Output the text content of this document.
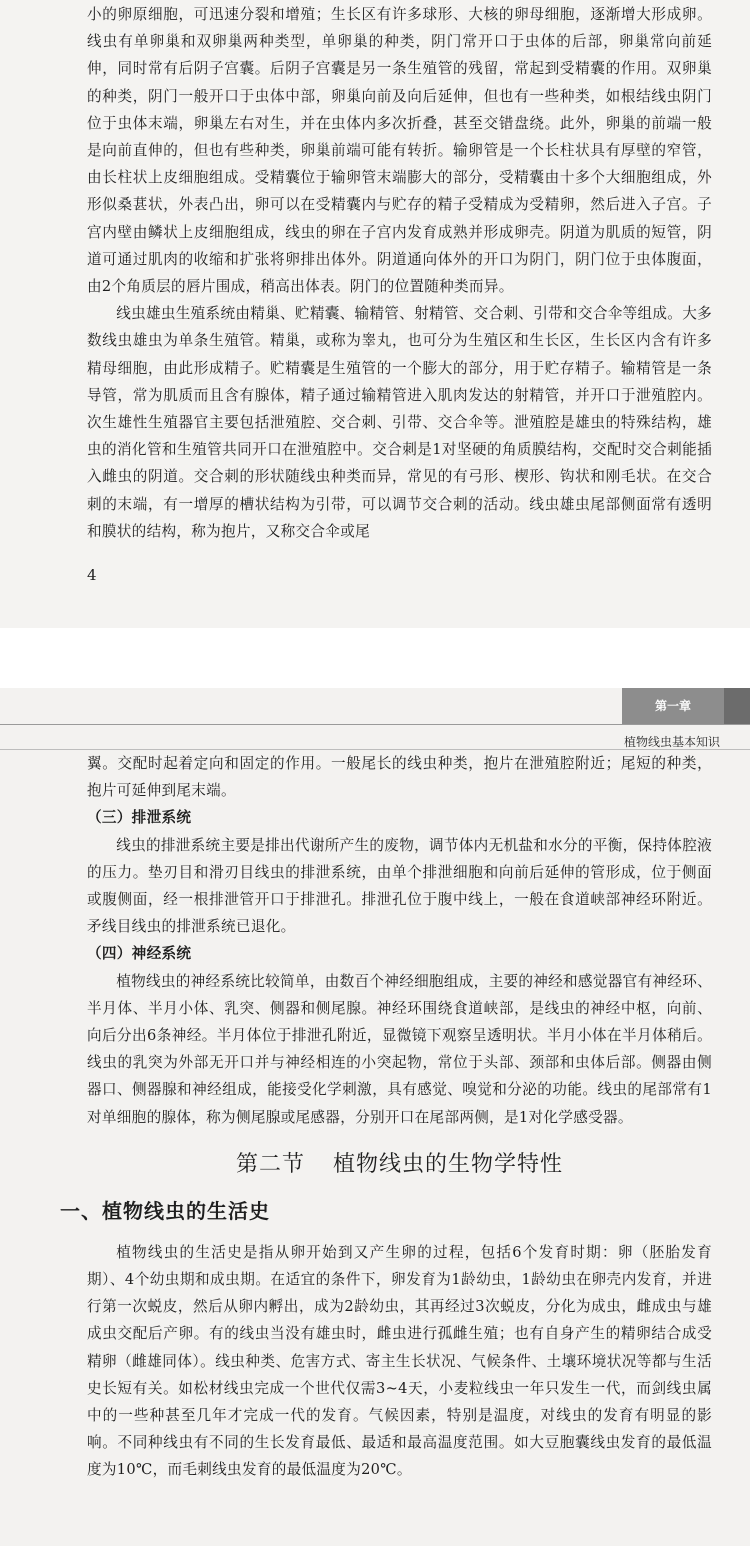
小的卵原细胞，可迅速分裂和增殖；生长区有许多球形、大核的卵母细胞，逐渐增大形成卵。线虫有单卵巢和双卵巢两种类型，单卵巢的种类，阴门常开口于虫体的后部，卵巢常向前延伸，同时常有后阴子宫囊。后阴子宫囊是另一条生殖管的残留，常起到受精囊的作用。双卵巢的种类，阴门一般开口于虫体中部，卵巢向前及向后延伸，但也有一些种类，如根结线虫阴门位于虫体末端，卵巢左右对生，并在虫体内多次折叠，甚至交错盘绕。此外，卵巢的前端一般是向前直伸的，但也有些种类，卵巢前端可能有转折。输卵管是一个长柱状具有厚壁的窄管，由长柱状上皮细胞组成。受精囊位于输卵管末端膨大的部分，受精囊由十多个大细胞组成，外形似桑葚状，外表凸出，卵可以在受精囊内与贮存的精子受精成为受精卵，然后进入子宫。子宫内壁由鳞状上皮细胞组成，线虫的卵在子宫内发育成熟并形成卵壳。阴道为肌质的短管，阴道可通过肌肉的收缩和扩张将卵排出体外。阴道通向体外的开口为阴门，阴门位于虫体腹面，由2个角质层的唇片围成，稍高出体表。阴门的位置随种类而异。

线虫雄虫生殖系统由精巢、贮精囊、输精管、射精管、交合刺、引带和交合伞等组成。大多数线虫雄虫为单条生殖管。精巢，或称为睾丸，也可分为生殖区和生长区，生长区内含有许多精母细胞，由此形成精子。贮精囊是生殖管的一个膨大的部分，用于贮存精子。输精管是一条导管，常为肌质而且含有腺体，精子通过输精管进入肌肉发达的射精管，并开口于泄殖腔内。次生雄性生殖器官主要包括泄殖腔、交合刺、引带、交合伞等。泄殖腔是雄虫的特殊结构，雄虫的消化管和生殖管共同开口在泄殖腔中。交合刺是1对坚硬的角质膜结构，交配时交合刺能插入雌虫的阴道。交合刺的形状随线虫种类而异，常见的有弓形、楔形、钩状和刚毛状。在交合刺的末端，有一增厚的槽状结构为引带，可以调节交合刺的活动。线虫雄虫尾部侧面常有透明和膜状的结构，称为抱片，又称交合伞或尾

4
第一章
植物线虫基本知识

翼。交配时起着定向和固定的作用。一般尾长的线虫种类，抱片在泄殖腔附近；尾短的种类，抱片可延伸到尾末端。

（三）排泄系统

线虫的排泄系统主要是排出代谢所产生的废物，调节体内无机盐和水分的平衡，保持体腔液的压力。垫刃目和滑刃目线虫的排泄系统，由单个排泄细胞和向前后延伸的管形成，位于侧面或腹侧面，经一根排泄管开口于排泄孔。排泄孔位于腹中线上，一般在食道峡部神经环附近。矛线目线虫的排泄系统已退化。

（四）神经系统

植物线虫的神经系统比较简单，由数百个神经细胞组成，主要的神经和感觉器官有神经环、半月体、半月小体、乳突、侧器和侧尾腺。神经环围绕食道峡部，是线虫的神经中枢，向前、向后分出6条神经。半月体位于排泄孔附近，显微镜下观察呈透明状。半月小体在半月体稍后。线虫的乳突为外部无开口并与神经相连的小突起物，常位于头部、颈部和虫体后部。侧器由侧器口、侧器腺和神经组成，能接受化学刺激，具有感觉、嗅觉和分泌的功能。线虫的尾部常有1对单细胞的腺体，称为侧尾腺或尾感器，分别开口在尾部两侧，是1对化学感受器。

第二节 植物线虫的生物学特性

一、植物线虫的生活史

植物线虫的生活史是指从卵开始到又产生卵的过程，包括6个发育时期：卵（胚胎发育期）、4个幼虫期和成虫期。在适宜的条件下，卵发育为1龄幼虫，1龄幼虫在卵壳内发育，并进行第一次蜕皮，然后从卵内孵出，成为2龄幼虫，其再经过3次蜕皮，分化为成虫，雌成虫与雄成虫交配后产卵。有的线虫当没有雄虫时，雌虫进行孤雌生殖；也有自身产生的精卵结合成受精卵（雌雄同体）。线虫种类、危害方式、寄主生长状况、气候条件、土壤环境状况等都与生活史长短有关。如松材线虫完成一个世代仅需3~4天，小麦粒线虫一年只发生一代，而剑线虫属中的一些种甚至几年才完成一代的发育。气候因素，特别是温度，对线虫的发育有明显的影响。不同种线虫有不同的生长发育最低、最适和最高温度范围。如大豆胞囊线虫发育的最低温度为10℃，而毛刺线虫发育的最低温度为20℃。
